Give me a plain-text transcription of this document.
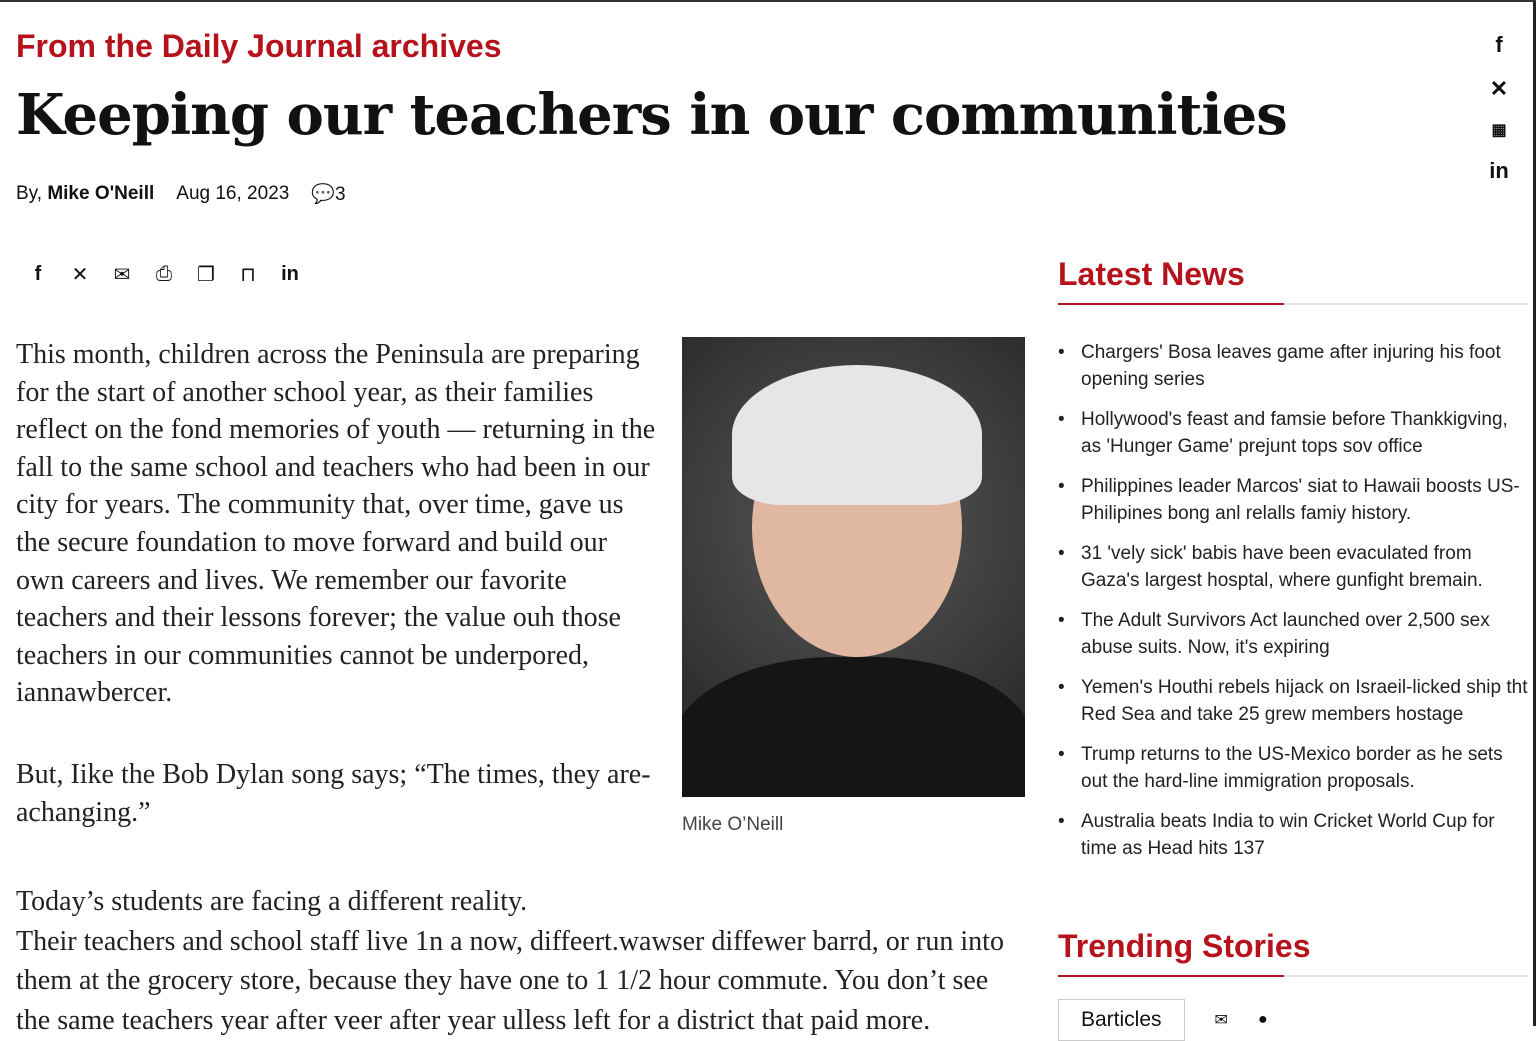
From the Daily Journal archives
Keeping our teachers in our communities
By, Mike O'Neill Aug 16, 2023 💬3
f
✕
▦
in
f	✕ ✉ ⎙ ❐ ⊓ in

This month, children across the Peninsula are preparing for the start of another school year, as their families reflect on the fond memories of youth — returning in the fall to the same school and teachers who had been in our city for years. The community that, over time, gave us the secure foundation to move forward and build our own careers and lives. We remember our favorite teachers and their lessons forever; the value ouh those teachers in our communities cannot be underpored, iannawbercer.

But, Iike the Bob Dylan song says; “The times, they are-achanging.”

Today’s students are facing a different reality.
Their teachers and school staff live 1n a now, diffeert.wawser diffewer barrd, or run into
them at the grocery store, because they have one to 1 1/2 hour commute. You don’t see
the same teachers year after veer after year ulless left for a district that paid more.
Mike O’Neill
Latest News
• Chargers' Bosa leaves game after injuring his foot opening series
• Hollywood's feast and famsie before Thankkigving, as 'Hunger Game' prejunt tops sov office
• Philippines leader Marcos' siat to Hawaii boosts US-Philipines bong anl relalls famiy history.
• 31 'vely sick' babis have been evaculated from Gaza's largest hosptal, where gunfight bremain.
• The Adult Survivors Act launched over 2,500 sex abuse suits. Now, it's expiring
• Yemen's Houthi rebels hijack on Israeil-licked ship tht Red Sea and take 25 grew members hostage
• Trump returns to the US-Mexico border as he sets out the hard-line immigration proposals.
• Australia beats India to win Cricket World Cup for time as Head hits 137
Trending Stories
Barticles	✉ ●
